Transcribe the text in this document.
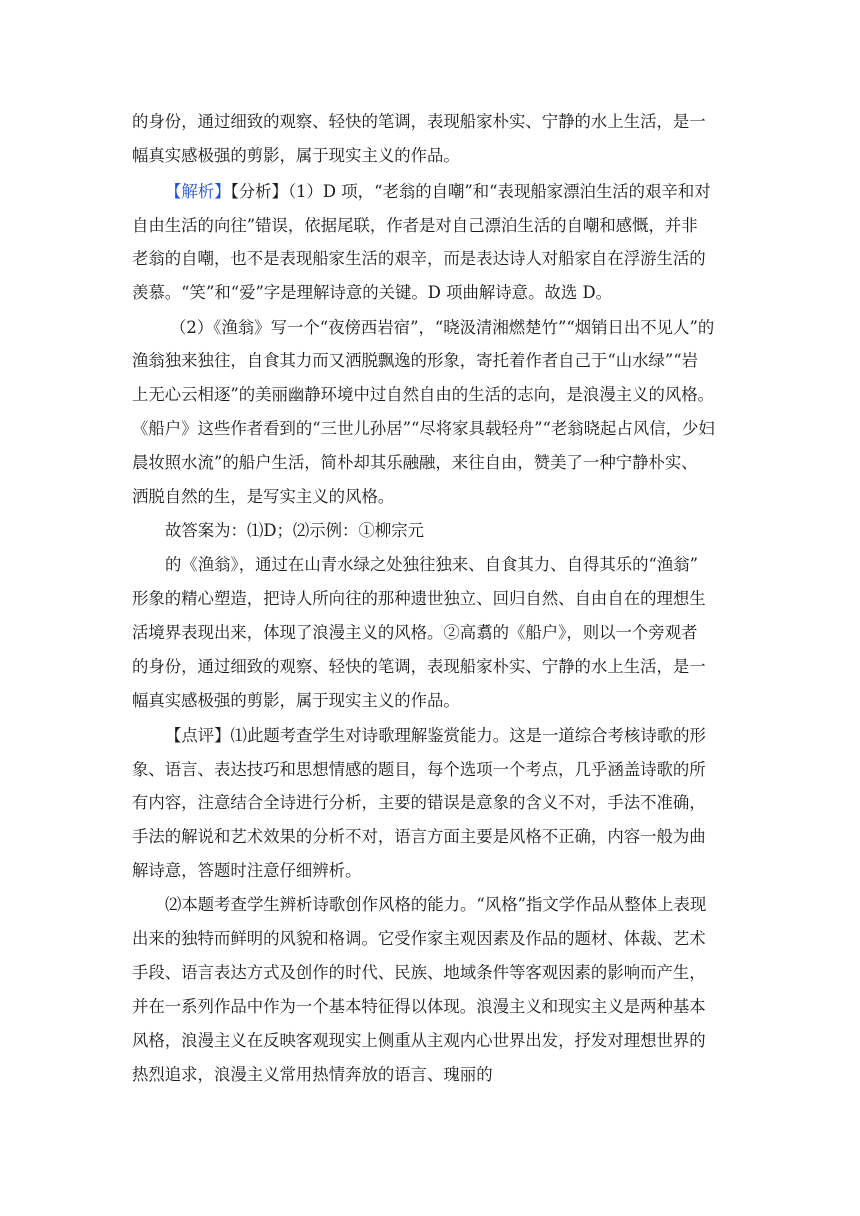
的身份，通过细致的观察、轻快的笔调，表现船家朴实、宁静的水上生活，是一
幅真实感极强的剪影，属于现实主义的作品。
【解析】【分析】（1）D 项，“老翁的自嘲”和“表现船家漂泊生活的艰辛和对
自由生活的向往”错误，依据尾联，作者是对自己漂泊生活的自嘲和感慨，并非
老翁的自嘲，也不是表现船家生活的艰辛，而是表达诗人对船家自在浮游生活的
羡慕。“笑”和“爱”字是理解诗意的关键。D 项曲解诗意。故选 D。
（2）《渔翁》写一个“夜傍西岩宿”，“晓汲清湘燃楚竹”“烟销日出不见人”的
渔翁独来独往，自食其力而又洒脱飘逸的形象，寄托着作者自己于“山水绿”“岩
上无心云相逐”的美丽幽静环境中过自然自由的生活的志向，是浪漫主义的风格。
《船户》这些作者看到的“三世儿孙居”“尽将家具载轻舟”“老翁晓起占风信，少妇
晨妆照水流”的船户生活，简朴却其乐融融，来往自由，赞美了一种宁静朴实、
洒脱自然的生，是写实主义的风格。
故答案为：⑴D；⑵示例：①柳宗元
的《渔翁》，通过在山青水绿之处独往独来、自食其力、自得其乐的“渔翁”
形象的精心塑造，把诗人所向往的那种遗世独立、回归自然、自由自在的理想生
活境界表现出来，体现了浪漫主义的风格。②高翥的《船户》，则以一个旁观者
的身份，通过细致的观察、轻快的笔调，表现船家朴实、宁静的水上生活，是一
幅真实感极强的剪影，属于现实主义的作品。
【点评】⑴此题考查学生对诗歌理解鉴赏能力。这是一道综合考核诗歌的形
象、语言、表达技巧和思想情感的题目，每个选项一个考点，几乎涵盖诗歌的所
有内容，注意结合全诗进行分析，主要的错误是意象的含义不对，手法不准确，
手法的解说和艺术效果的分析不对，语言方面主要是风格不正确，内容一般为曲
解诗意，答题时注意仔细辨析。
⑵本题考查学生辨析诗歌创作风格的能力。“风格”指文学作品从整体上表现
出来的独特而鲜明的风貌和格调。它受作家主观因素及作品的题材、体裁、艺术
手段、语言表达方式及创作的时代、民族、地域条件等客观因素的影响而产生，
并在一系列作品中作为一个基本特征得以体现。浪漫主义和现实主义是两种基本
风格，浪漫主义在反映客观现实上侧重从主观内心世界出发，抒发对理想世界的
热烈追求，浪漫主义常用热情奔放的语言、瑰丽的
